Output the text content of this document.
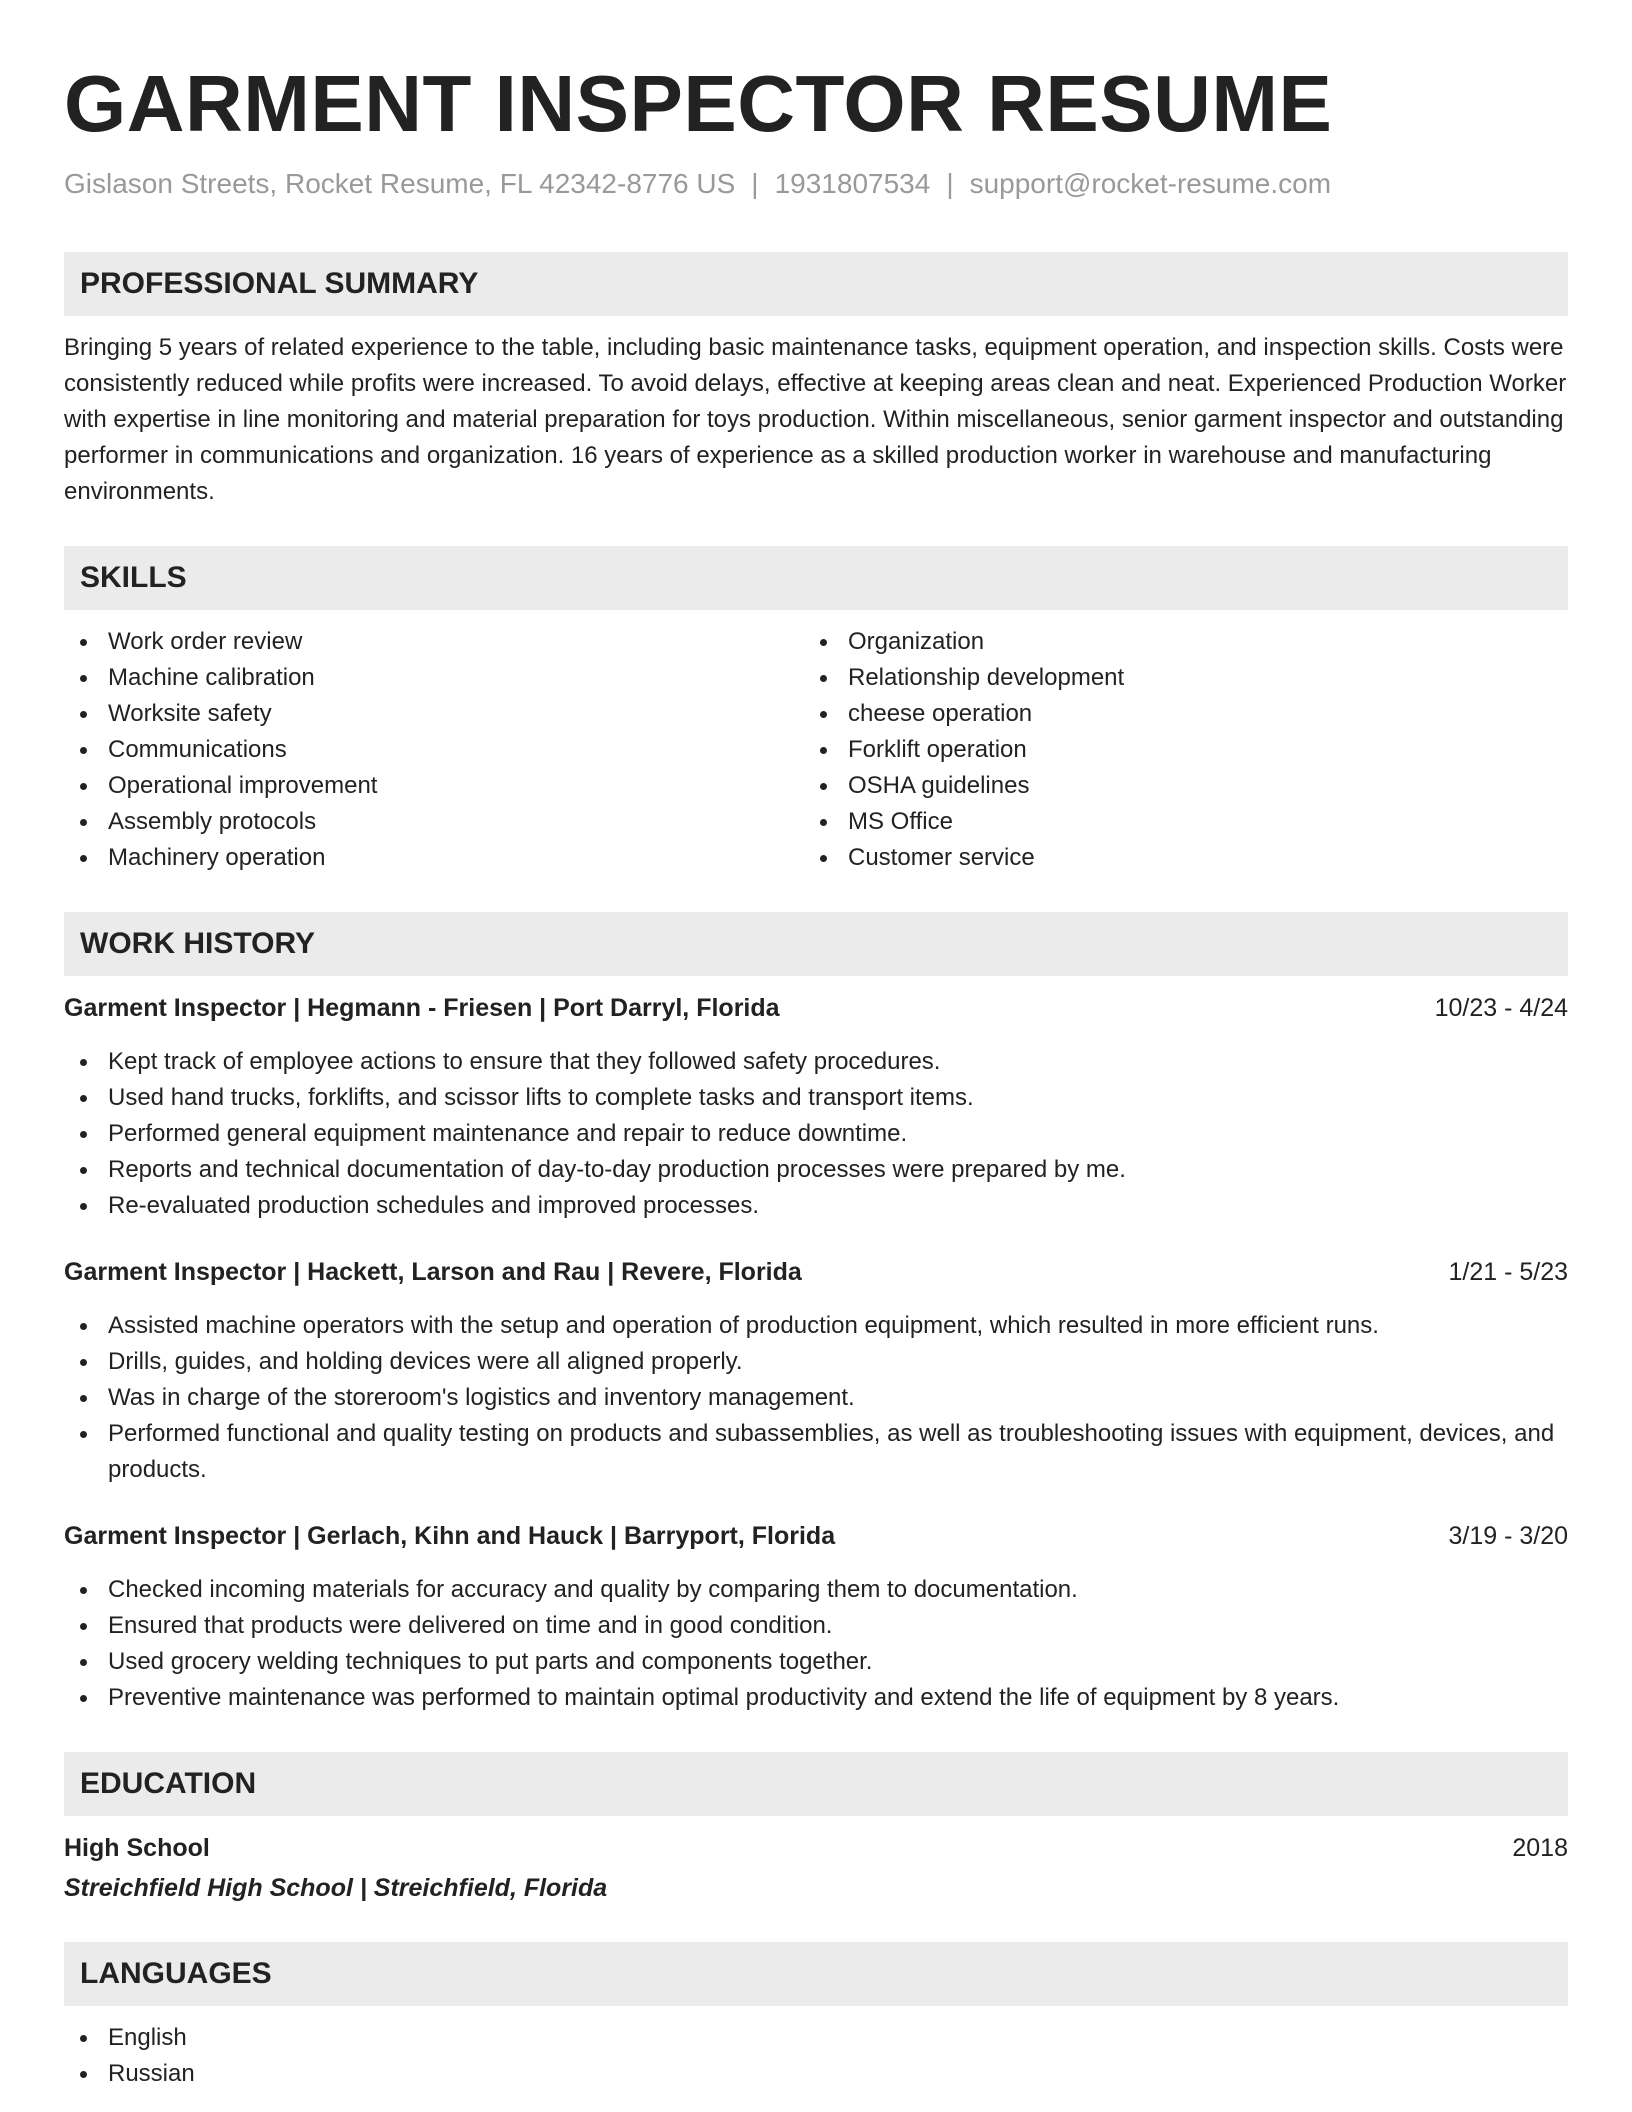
GARMENT INSPECTOR RESUME
Gislason Streets, Rocket Resume, FL 42342-8776 US | 1931807534 | support@rocket-resume.com
PROFESSIONAL SUMMARY
Bringing 5 years of related experience to the table, including basic maintenance tasks, equipment operation, and inspection skills. Costs were consistently reduced while profits were increased. To avoid delays, effective at keeping areas clean and neat. Experienced Production Worker with expertise in line monitoring and material preparation for toys production. Within miscellaneous, senior garment inspector and outstanding performer in communications and organization. 16 years of experience as a skilled production worker in warehouse and manufacturing environments.
SKILLS
Work order review
Machine calibration
Worksite safety
Communications
Operational improvement
Assembly protocols
Machinery operation
Organization
Relationship development
cheese operation
Forklift operation
OSHA guidelines
MS Office
Customer service
WORK HISTORY
Garment Inspector | Hegmann - Friesen | Port Darryl, Florida	10/23 - 4/24
Kept track of employee actions to ensure that they followed safety procedures.
Used hand trucks, forklifts, and scissor lifts to complete tasks and transport items.
Performed general equipment maintenance and repair to reduce downtime.
Reports and technical documentation of day-to-day production processes were prepared by me.
Re-evaluated production schedules and improved processes.
Garment Inspector | Hackett, Larson and Rau | Revere, Florida	1/21 - 5/23
Assisted machine operators with the setup and operation of production equipment, which resulted in more efficient runs.
Drills, guides, and holding devices were all aligned properly.
Was in charge of the storeroom's logistics and inventory management.
Performed functional and quality testing on products and subassemblies, as well as troubleshooting issues with equipment, devices, and products.
Garment Inspector | Gerlach, Kihn and Hauck | Barryport, Florida	3/19 - 3/20
Checked incoming materials for accuracy and quality by comparing them to documentation.
Ensured that products were delivered on time and in good condition.
Used grocery welding techniques to put parts and components together.
Preventive maintenance was performed to maintain optimal productivity and extend the life of equipment by 8 years.
EDUCATION
High School	2018
Streichfield High School | Streichfield, Florida
LANGUAGES
English
Russian
